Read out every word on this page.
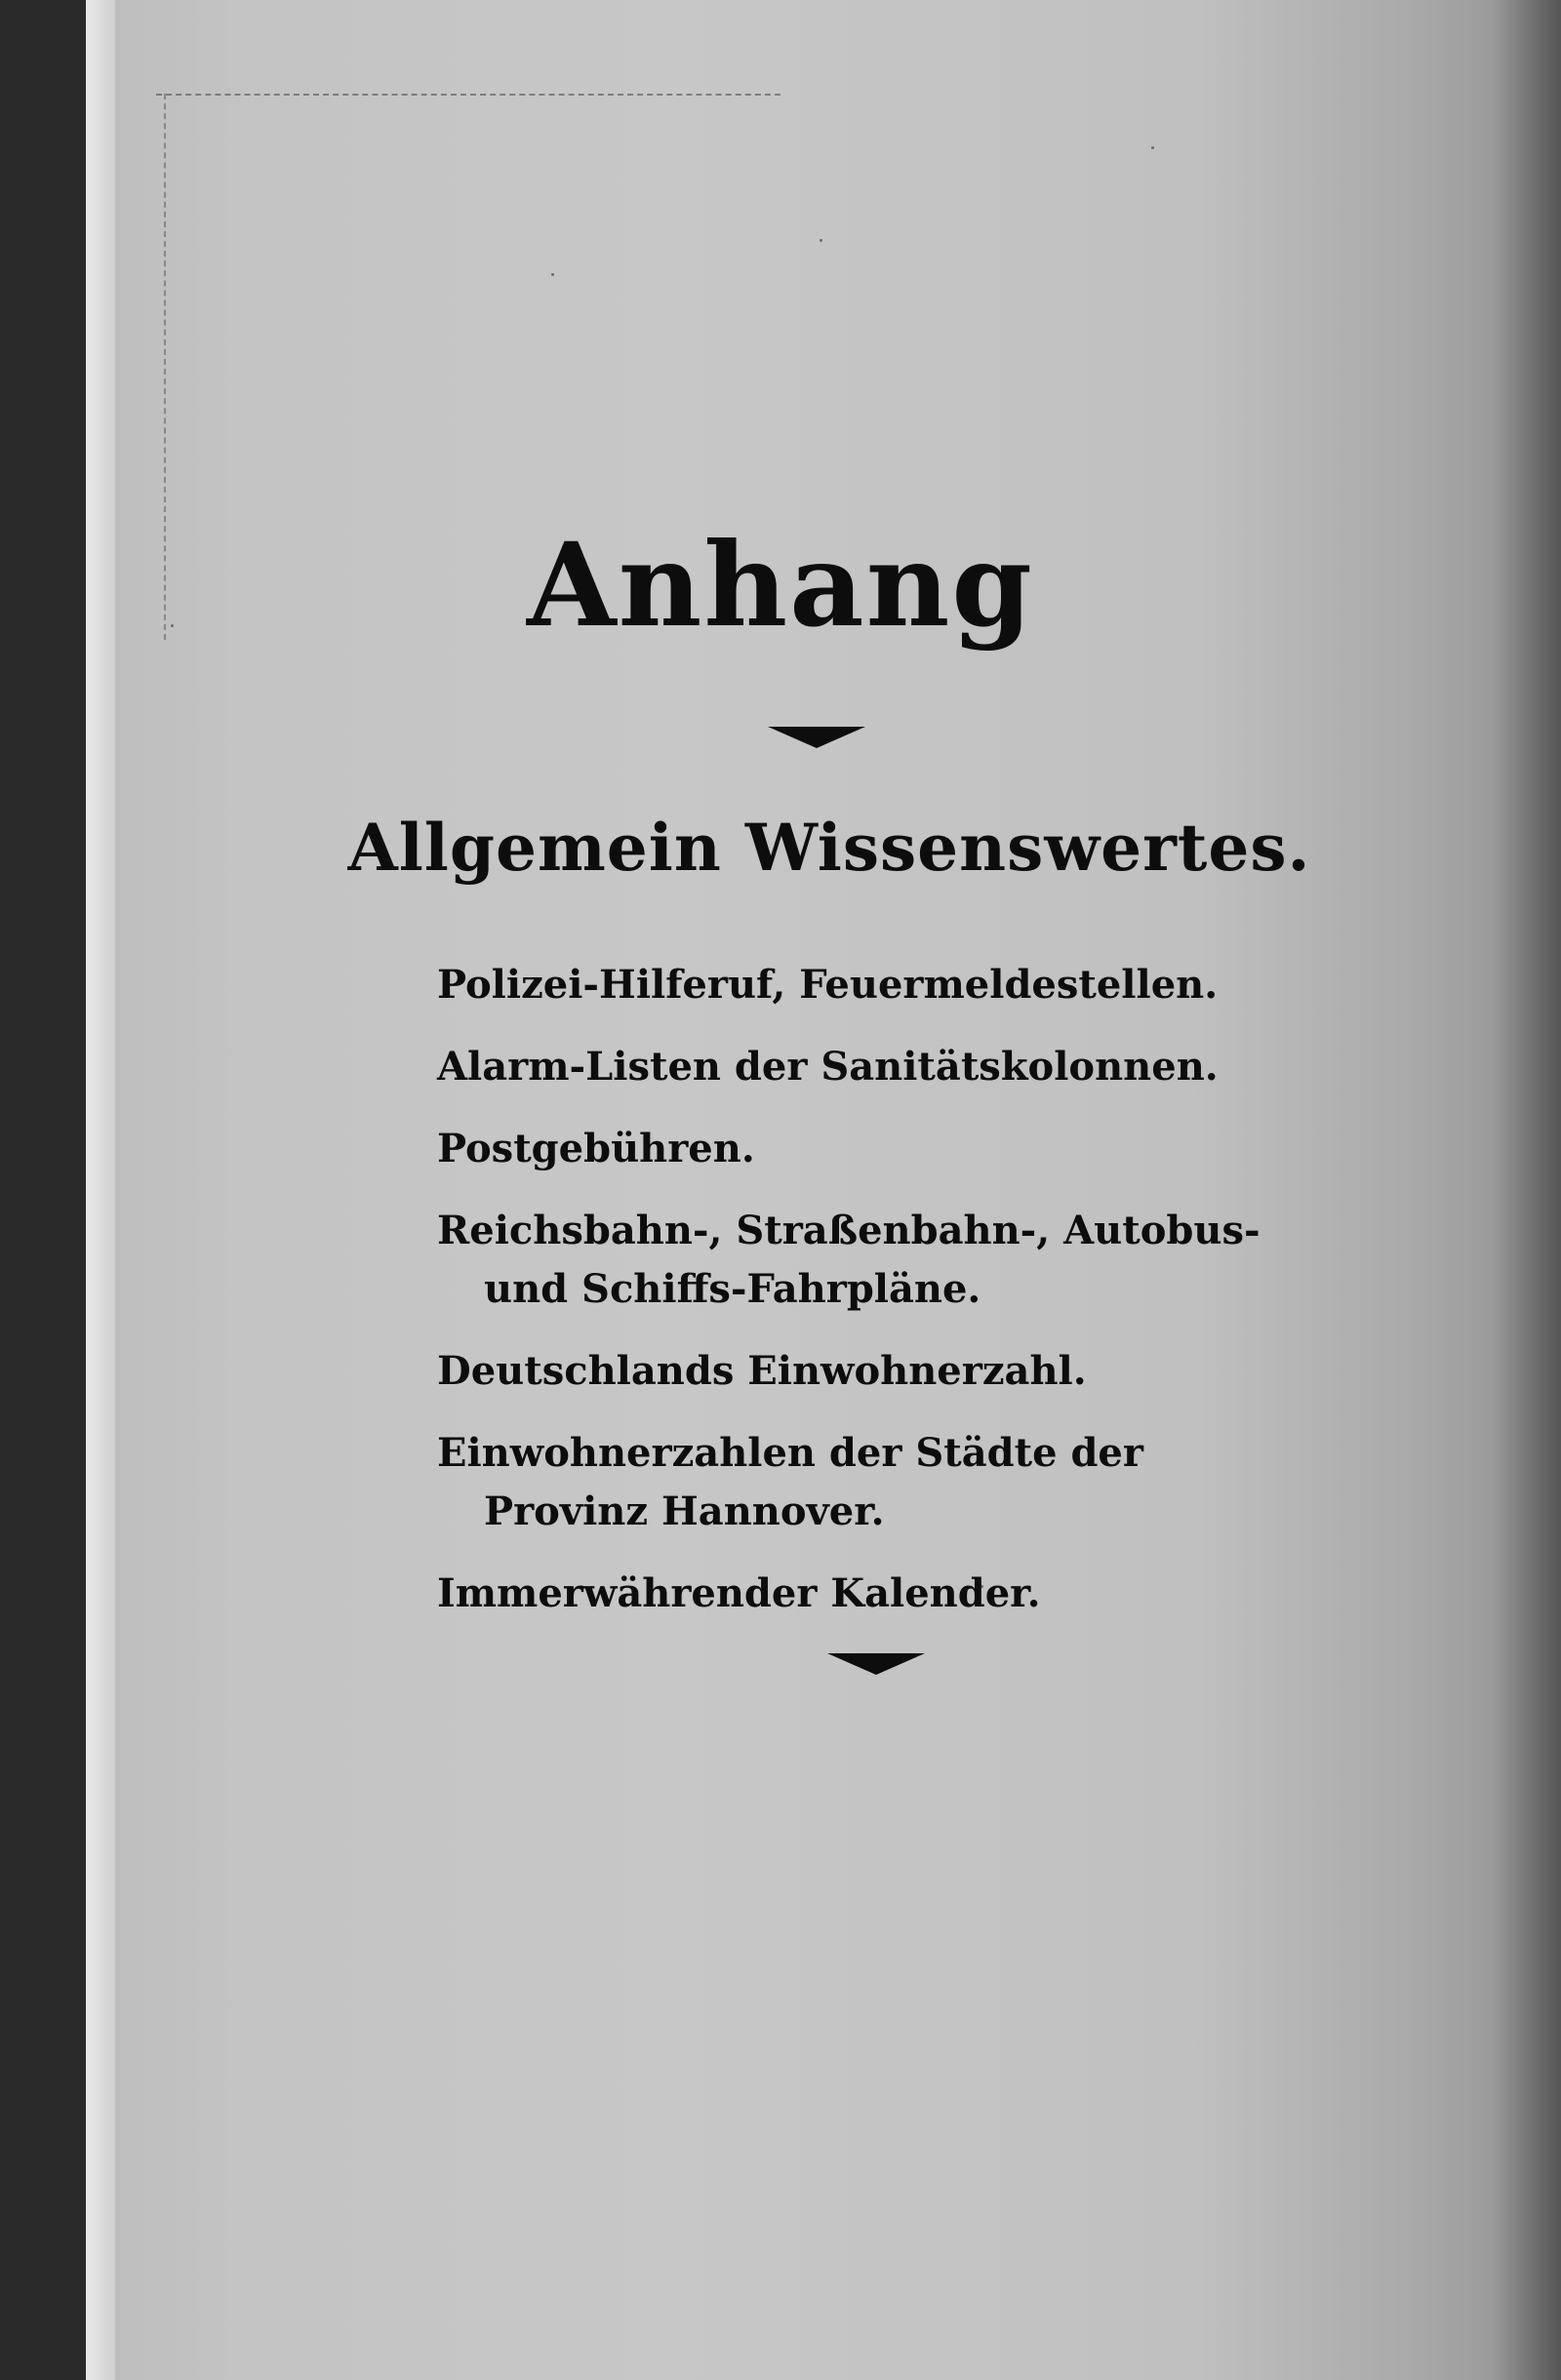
Anhang
Allgemein Wissenswertes.
Polizei-Hilferuf, Feuermeldestellen.
Alarm-Listen der Sanitätskolonnen.
Postgebühren.
Reichsbahn-, Straßenbahn-, Autobus- und Schiffs-Fahrpläne.
Deutschlands Einwohnerzahl.
Einwohnerzahlen der Städte der Provinz Hannover.
Immerwährender Kalender.
